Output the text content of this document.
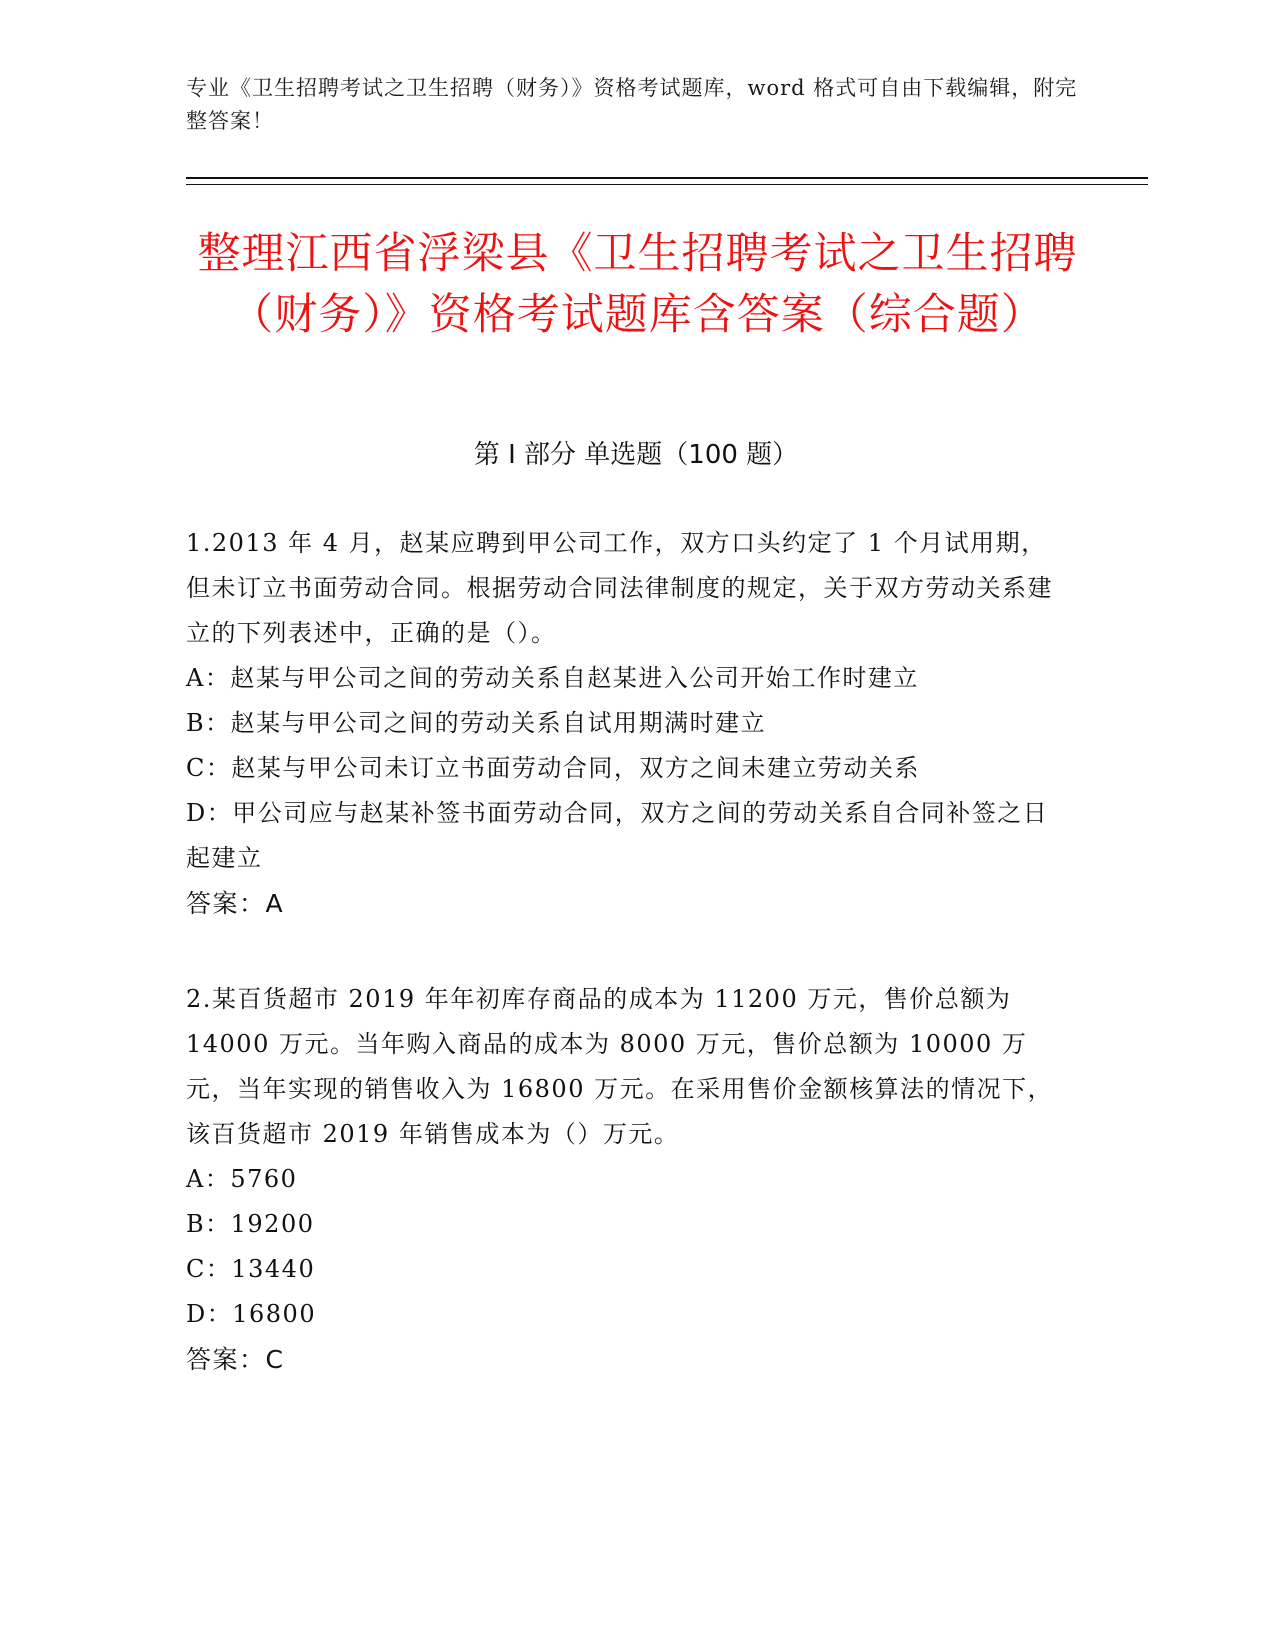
专业《卫生招聘考试之卫生招聘（财务）》资格考试题库，word 格式可自由下载编辑，附完整答案！
整理江西省浮梁县《卫生招聘考试之卫生招聘（财务）》资格考试题库含答案（综合题）
第 I 部分 单选题（100 题）

1.2013 年 4 月，赵某应聘到甲公司工作，双方口头约定了 1 个月试用期，但未订立书面劳动合同。根据劳动合同法律制度的规定，关于双方劳动关系建立的下列表述中，正确的是（）。

A：赵某与甲公司之间的劳动关系自赵某进入公司开始工作时建立

B：赵某与甲公司之间的劳动关系自试用期满时建立

C：赵某与甲公司未订立书面劳动合同，双方之间未建立劳动关系

D：甲公司应与赵某补签书面劳动合同，双方之间的劳动关系自合同补签之日起建立

答案：A

2.某百货超市 2019 年年初库存商品的成本为 11200 万元，售价总额为 14000 万元。当年购入商品的成本为 8000 万元，售价总额为 10000 万元，当年实现的销售收入为 16800 万元。在采用售价金额核算法的情况下，该百货超市 2019 年销售成本为（）万元。

A：5760

B：19200

C：13440

D：16800

答案：C
